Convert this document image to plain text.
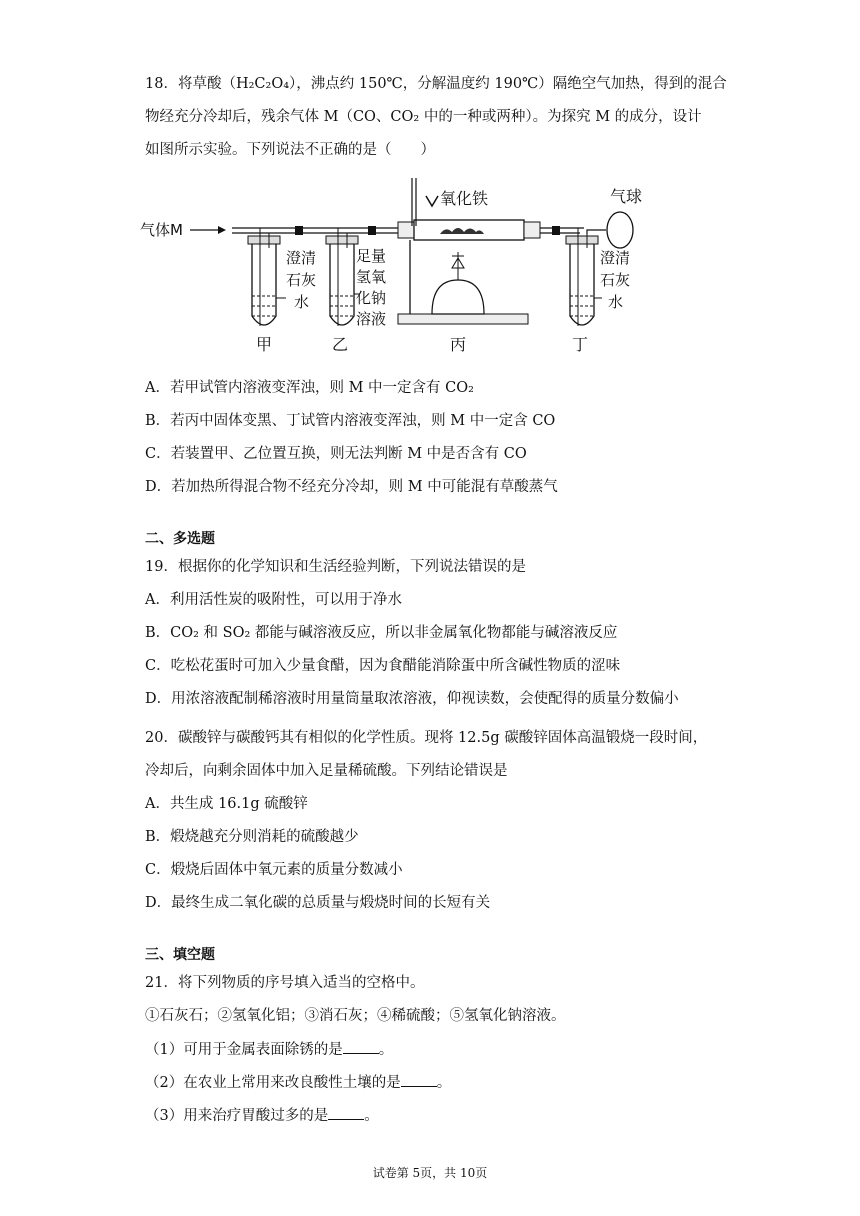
18．将草酸（H₂C₂O₄），沸点约 150℃，分解温度约 190℃）隔绝空气加热，得到的混合
物经充分冷却后，残余气体 M（CO、CO₂ 中的一种或两种）。为探究 M 的成分，设计
如图所示实验。下列说法不正确的是（　　）
气体M
澄清
石灰
水
甲
足量
氢氧
化钠
溶液
乙
氧化铁
丙
澄清
石灰
水
丁
气球
A．若甲试管内溶液变浑浊，则 M 中一定含有 CO₂
B．若丙中固体变黑、丁试管内溶液变浑浊，则 M 中一定含 CO
C．若装置甲、乙位置互换，则无法判断 M 中是否含有 CO
D．若加热所得混合物不经充分冷却，则 M 中可能混有草酸蒸气
二、多选题
19．根据你的化学知识和生活经验判断，下列说法错误的是
A．利用活性炭的吸附性，可以用于净水
B．CO₂ 和 SO₂ 都能与碱溶液反应，所以非金属氧化物都能与碱溶液反应
C．吃松花蛋时可加入少量食醋，因为食醋能消除蛋中所含碱性物质的涩味
D．用浓溶液配制稀溶液时用量筒量取浓溶液，仰视读数，会使配得的质量分数偏小
20．碳酸锌与碳酸钙其有相似的化学性质。现将 12.5g 碳酸锌固体高温锻烧一段时间，
冷却后，向剩余固体中加入足量稀硫酸。下列结论错误是
A．共生成 16.1g 硫酸锌
B．煅烧越充分则消耗的硫酸越少
C．煅烧后固体中氧元素的质量分数减小
D．最终生成二氧化碳的总质量与煅烧时间的长短有关
三、填空题
21．将下列物质的序号填入适当的空格中。
①石灰石；②氢氧化铝；③消石灰；④稀硫酸；⑤氢氧化钠溶液。
（1）可用于金属表面除锈的是 。
（2）在农业上常用来改良酸性土壤的是 。
（3）用来治疗胃酸过多的是 。
试卷第 5页，共 10页
